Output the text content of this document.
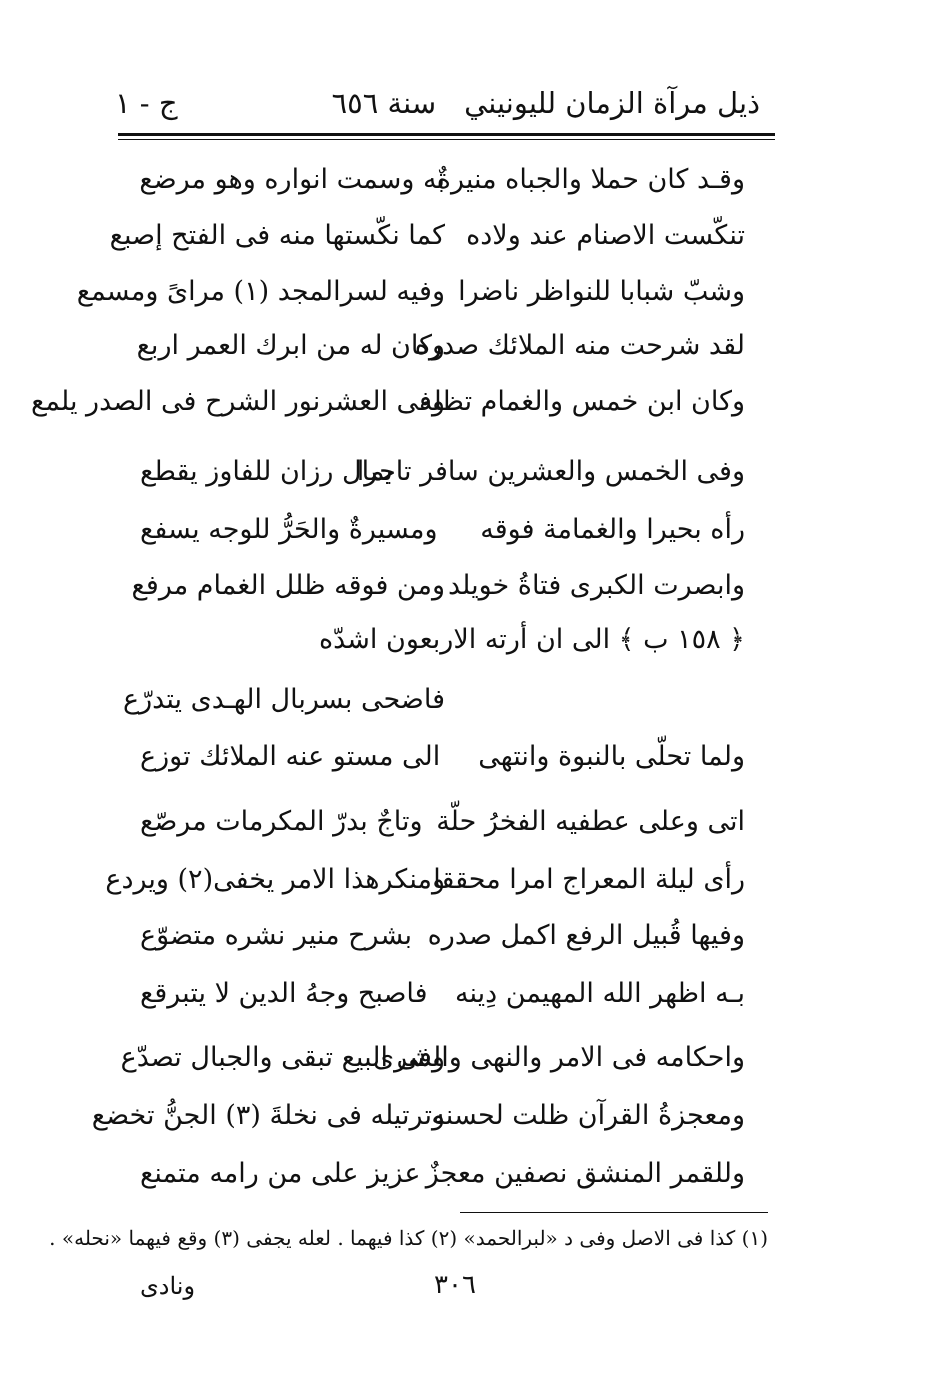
ذيل مرآة الزمان لليونيني
سنة ٦٥٦
ج - ١
وقـد كان حملا والجباه منيرةٌ
به وسمت انواره وهو مرضع
تنكّست الاصنام عند ولاده
كما نكّستها منه فى الفتح إصبع
وشبّ شبابا للنواظر ناضرا
وفيه لسرالمجد (١) مراىً ومسمع
لقد شرحت منه الملائك صدره
وكان له من ابرك العمر اربع
وكان ابن خمس والغمام تظله
وفى العشرنور الشرح فى الصدر يلمع
وفى الخمس والعشرين سافر تاجرا
بمال رزان للفاوز يقطع
رأه بحيرا والغمامة فوقه
ومسيرةٌ والحَرُّ للوجه يسفع
وابصرت الكبرى فتاةُ خويلد
ومن فوقه ظلل الغمام مرفع
﴿ ١٥٨ ب ﴾ الى ان أرته الاربعون اشدّه
فاضحى بسربال الهـدى يتدرّع
ولما تحلّى بالنبوة وانتهى
الى مستو عنه الملائك توزع
اتى وعلى عطفيه الفخرُ حلّة
وتاجٌ بدرّ المكرمات مرصّع
رأى ليلة المعراج امرا محققا
ومنكرهذا الامر يخفى(٢) ويردع
وفيها قُبيل الرفع اكمل صدره
بشرح منير نشره متضوّع
بـه اظهر الله المهيمن دِينه
فاصبح وجهُ الدين لا يتبرقع
واحكامه فى الامر والنهى والشرى
وفى البيع تبقى والجبال تصدّع
ومعجزةُ القرآن ظلت لحسنه
وترتيله فى نخلةَ (٣) الجنُّ تخضع
وللقمر المنشق نصفين معجزٌ
عزيز على من رامه متمنع
(١) كذا فى الاصل وفى د «لبرالحمد» (٢) كذا فيهما . لعله يجفى (٣) وقع فيهما «نحله» .
ونادى	٣٠٦
